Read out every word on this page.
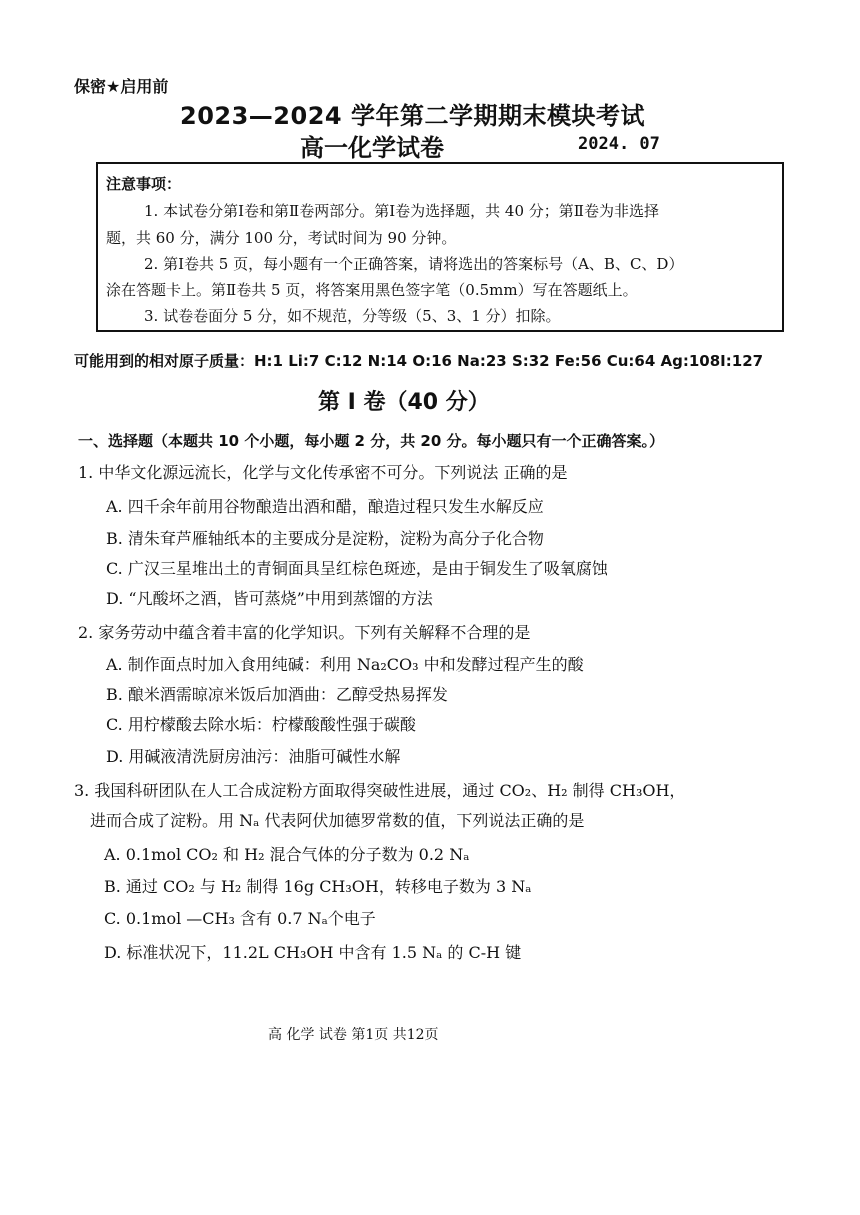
保密★启用前
2023—2024 学年第二学期期末模块考试
高一化学试卷	2024. 07
注意事项：
1. 本试卷分第Ⅰ卷和第Ⅱ卷两部分。第Ⅰ卷为选择题，共 40 分；第Ⅱ卷为非选择
题，共 60 分，满分 100 分，考试时间为 90 分钟。
2. 第Ⅰ卷共 5 页，每小题有一个正确答案，请将选出的答案标号（A、B、C、D）
涂在答题卡上。第Ⅱ卷共 5 页，将答案用黑色签字笔（0.5mm）写在答题纸上。
3. 试卷卷面分 5 分，如不规范，分等级（5、3、1 分）扣除。
可能用到的相对原子质量：H:1 Li:7 C:12 N:14 O:16 Na:23 S:32 Fe:56 Cu:64 Ag:108I:127
第 I 卷（40 分）
一、选择题（本题共 10 个小题，每小题 2 分，共 20 分。每小题只有一个正确答案。）
1. 中华文化源远流长，化学与文化传承密不可分。下列说法 正确的是
A. 四千余年前用谷物酿造出酒和醋，酿造过程只发生水解反应
B. 清朱耷芦雁轴纸本的主要成分是淀粉，淀粉为高分子化合物
C. 广汉三星堆出土的青铜面具呈红棕色斑迹，是由于铜发生了吸氧腐蚀
D. “凡酸坏之酒，皆可蒸烧”中用到蒸馏的方法
2. 家务劳动中蕴含着丰富的化学知识。下列有关解释不合理的是
A. 制作面点时加入食用纯碱：利用 Na₂CO₃ 中和发酵过程产生的酸
B. 酿米酒需晾凉米饭后加酒曲：乙醇受热易挥发
C. 用柠檬酸去除水垢：柠檬酸酸性强于碳酸
D. 用碱液清洗厨房油污：油脂可碱性水解
3. 我国科研团队在人工合成淀粉方面取得突破性进展，通过 CO₂、H₂ 制得 CH₃OH，
进而合成了淀粉。用 Nₐ 代表阿伏加德罗常数的值，下列说法正确的是
A. 0.1mol CO₂ 和 H₂ 混合气体的分子数为 0.2 Nₐ
B. 通过 CO₂ 与 H₂ 制得 16g CH₃OH，转移电子数为 3 Nₐ
C. 0.1mol —CH₃ 含有 0.7 Nₐ个电子
D. 标准状况下，11.2L CH₃OH 中含有 1.5 Nₐ 的 C-H 键
高 化学 试卷 第1页 共12页
